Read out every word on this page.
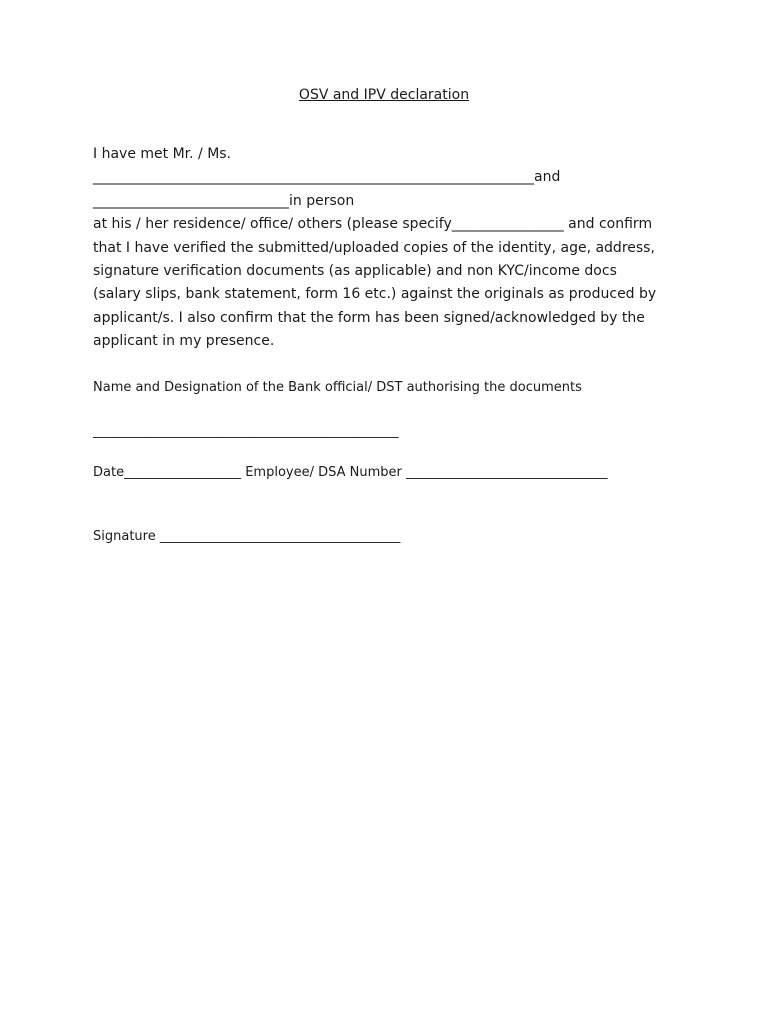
OSV and IPV declaration
I have met Mr. / Ms.
_______________________________________________________________and
____________________________in person
at his / her residence/ office/ others (please specify________________ and confirm
that I have verified the submitted/uploaded copies of the identity, age, address,
signature verification documents (as applicable) and non KYC/income docs
(salary slips, bank statement, form 16 etc.) against the originals as produced by
applicant/s. I also confirm that the form has been signed/acknowledged by the
applicant in my presence.
Name and Designation of the Bank official/ DST authorising the documents
_______________________________________________
Date__________________ Employee/ DSA Number _______________________________
Signature _____________________________________
